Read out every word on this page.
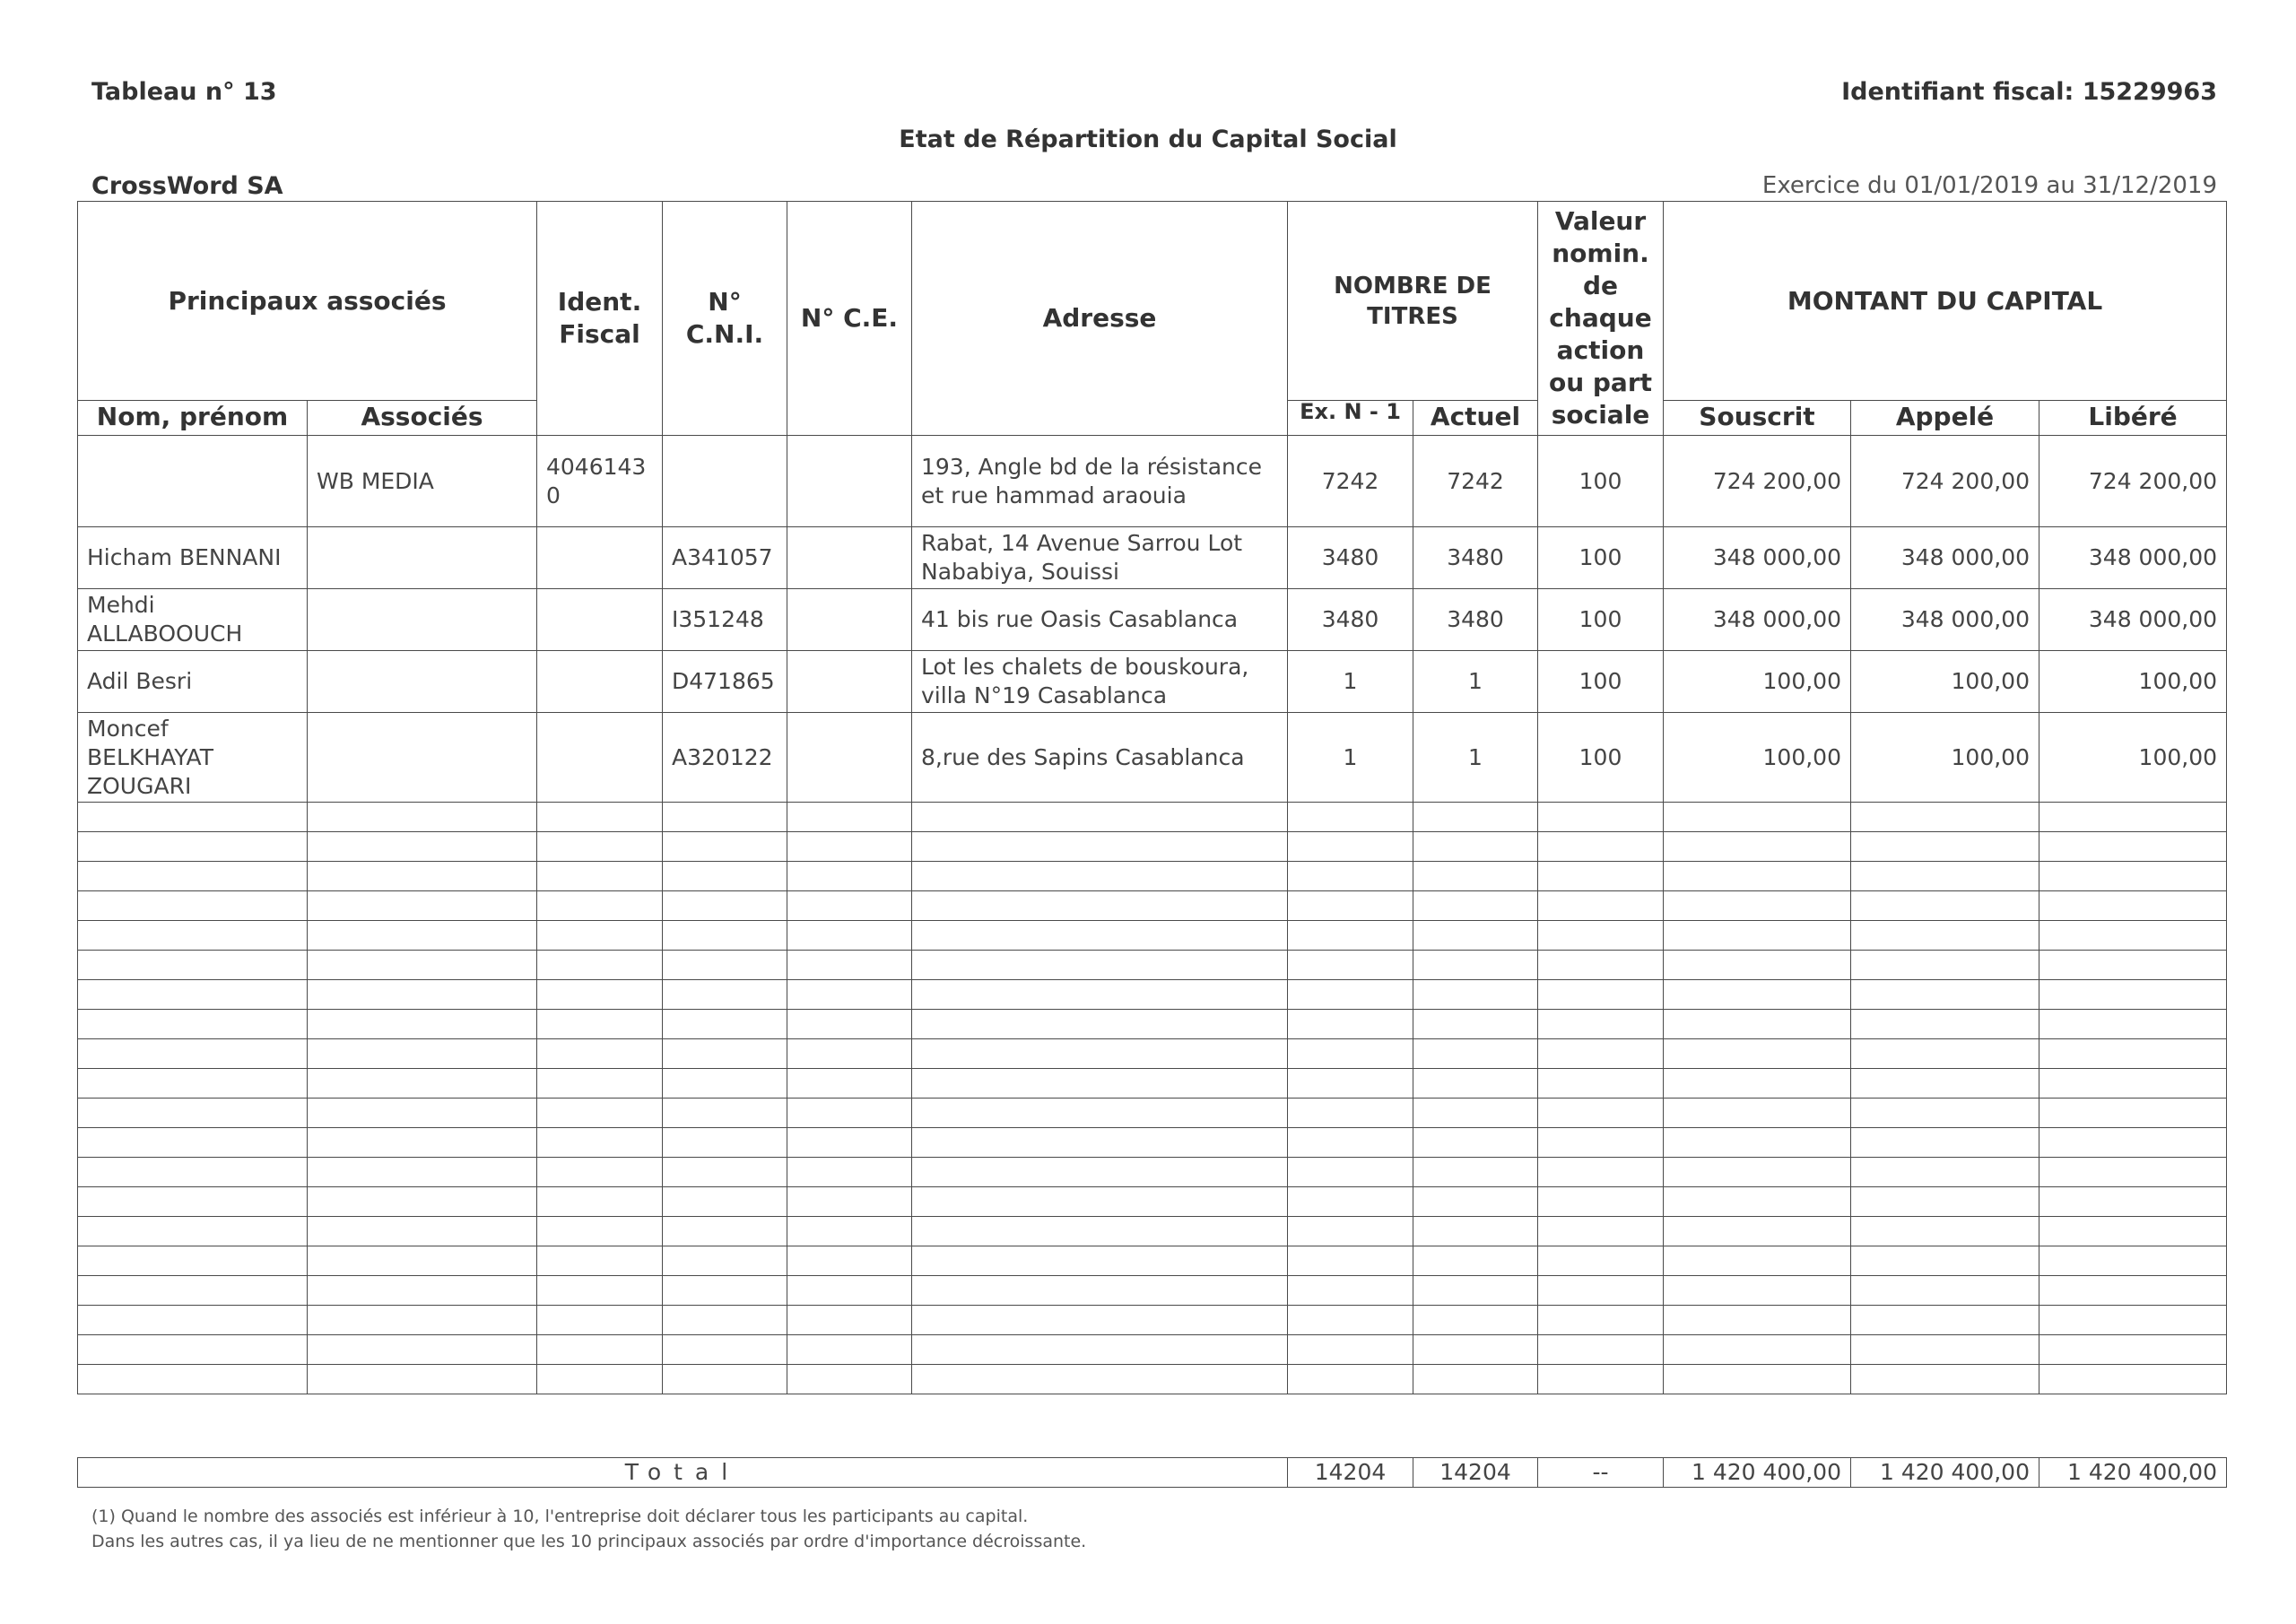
Tableau n° 13	Identifiant fiscal: 15229963
Etat de Répartition du Capital Social
CrossWord SA	Exercice du 01/01/2019 au 31/12/2019
Principaux associés		Ident. Fiscal	N° C.N.I.	N° C.E.	Adresse	NOMBRE DE TITRES		Valeur nomin. de chaque action ou part sociale	MONTANT DU CAPITAL		
Nom, prénom	Associés					Ex. N - 1	Actuel		Souscrit	Appelé	Libéré
	WB MEDIA	40461430			193, Angle bd de la résistance et rue hammad araouia	7242	7242	100	724 200,00	724 200,00	724 200,00
Hicham BENNANI			A341057		Rabat, 14 Avenue Sarrou Lot Nababiya, Souissi	3480	3480	100	348 000,00	348 000,00	348 000,00
Mehdi ALLABOOUCH			I351248		41 bis rue Oasis Casablanca	3480	3480	100	348 000,00	348 000,00	348 000,00
Adil Besri			D471865		Lot les chalets de bouskoura, villa N°19 Casablanca	1	1	100	100,00	100,00	100,00
Moncef BELKHAYAT ZOUGARI			A320122		8,rue des Sapins Casablanca	1	1	100	100,00	100,00	100,00

Total	14204	14204	--	1 420 400,00	1 420 400,00	1 420 400,00
(1) Quand le nombre des associés est inférieur à 10, l'entreprise doit déclarer tous les participants au capital.
Dans les autres cas, il ya lieu de ne mentionner que les 10 principaux associés par ordre d'importance décroissante.
